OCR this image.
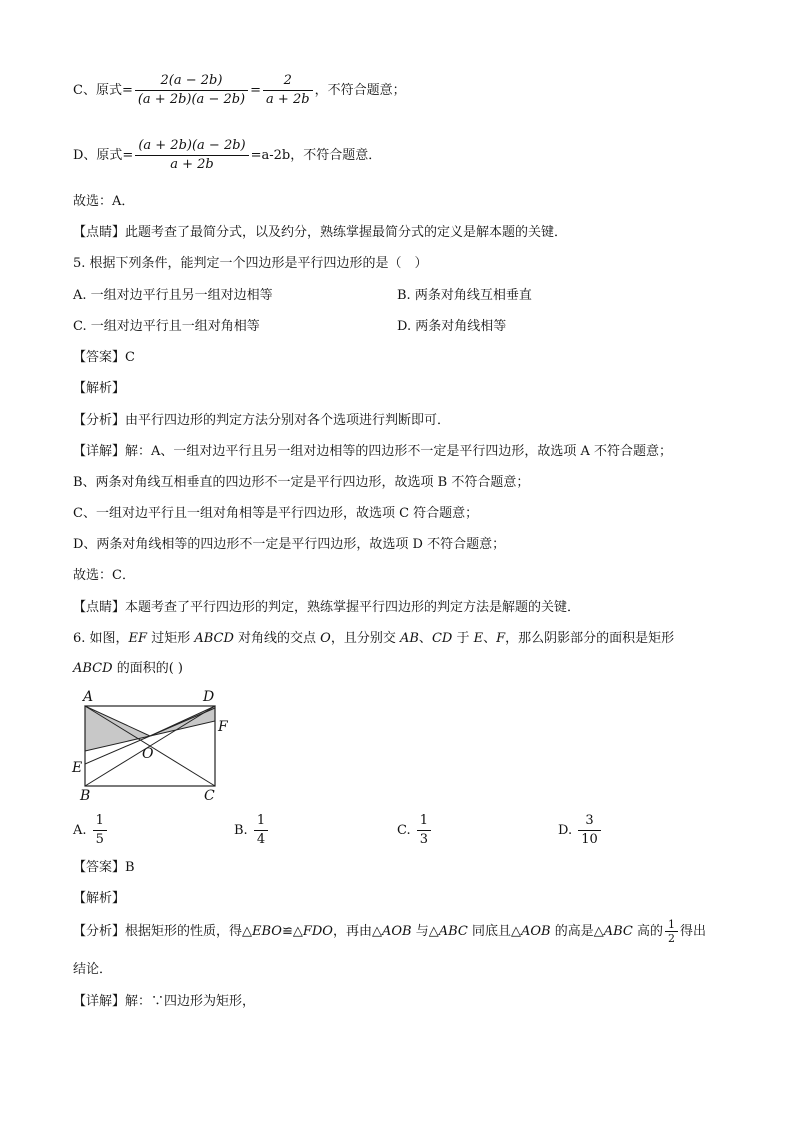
C、原式= $\frac{2(a - 2b)}{(a + 2b)(a - 2b)} = \frac{2}{a + 2b}$ ，不符合题意；
D、原式= $\frac{(a + 2b)(a - 2b)}{a + 2b} =a-2b$，不符合题意．
故选：A．
【点睛】此题考查了最简分式，以及约分，熟练掌握最简分式的定义是解本题的关键．
5. 根据下列条件，能判定一个四边形是平行四边形的是（　）
A. 一组对边平行且另一组对边相等	B. 两条对角线互相垂直
C. 一组对边平行且一组对角相等	D. 两条对角线相等
【答案】C
【解析】
【分析】由平行四边形的判定方法分别对各个选项进行判断即可．
【详解】解：A、一组对边平行且另一组对边相等的四边形不一定是平行四边形，故选项 A 不符合题意；
B、两条对角线互相垂直的四边形不一定是平行四边形，故选项 B 不符合题意；
C、一组对边平行且一组对角相等是平行四边形，故选项 C 符合题意；
D、两条对角线相等的四边形不一定是平行四边形，故选项 D 不符合题意；
故选：C．
【点睛】本题考查了平行四边形的判定，熟练掌握平行四边形的判定方法是解题的关键．
6. 如图，EF 过矩形 ABCD 对角线的交点 O，且分别交 AB、CD 于 E、F，那么阴影部分的面积是矩形
ABCD 的面积的( )
A	D
F
O
E
B	C
A. $\frac{1}{5}$	B. $\frac{1}{4}$	C. $\frac{1}{3}$	D. $\frac{3}{10}$
【答案】B
【解析】
【分析】根据矩形的性质，得△EBO≌△FDO，再由△AOB 与△ABC 同底且△AOB 的高是△ABC 高的 $\frac{1}{2}$ 得出
结论．
【详解】解：∵四边形为矩形，
